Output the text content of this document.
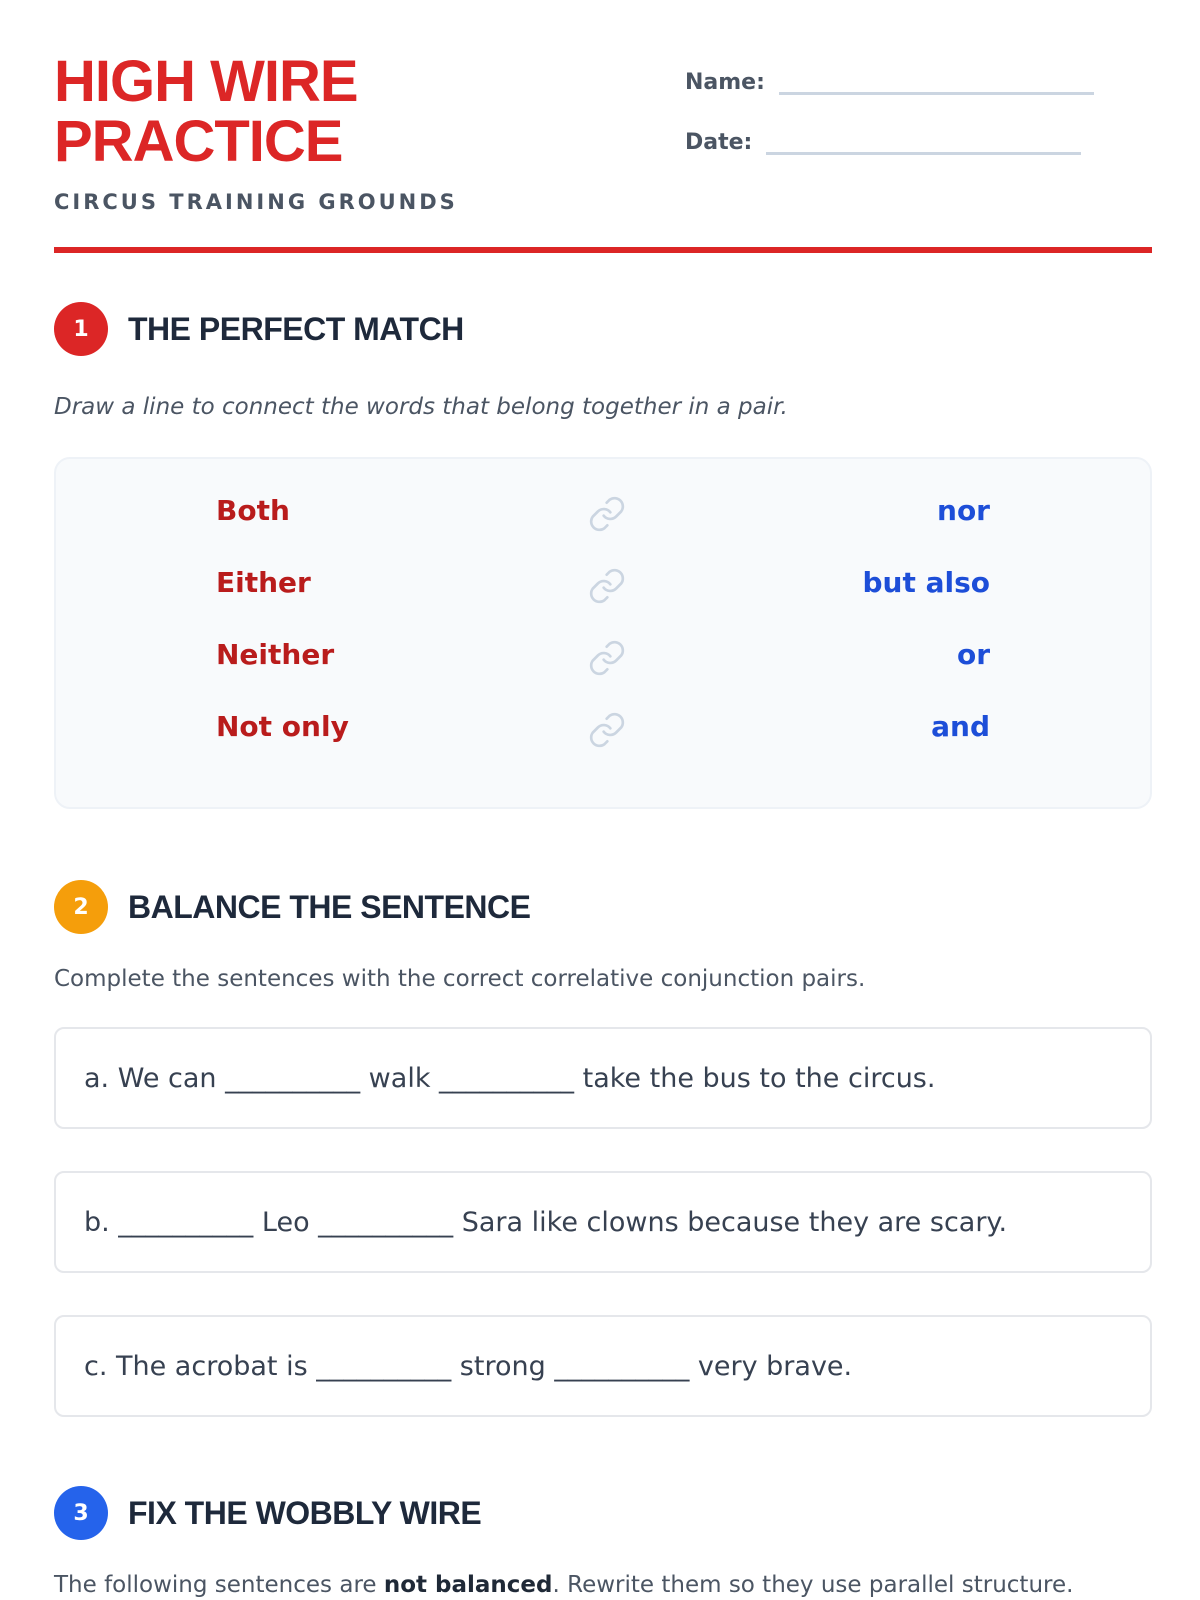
HIGH WIRE
PRACTICE
CIRCUS TRAINING GROUNDS
Name:
Date:
1	THE PERFECT MATCH
Draw a line to connect the words that belong together in a pair.
Both	nor
Either	but also
Neither	or
Not only	and
2	BALANCE THE SENTENCE
Complete the sentences with the correct correlative conjunction pairs.
a. We can __________ walk __________ take the bus to the circus.
b. __________ Leo __________ Sara like clowns because they are scary.
c. The acrobat is __________ strong __________ very brave.
3	FIX THE WOBBLY WIRE
The following sentences are not balanced. Rewrite them so they use parallel structure.
